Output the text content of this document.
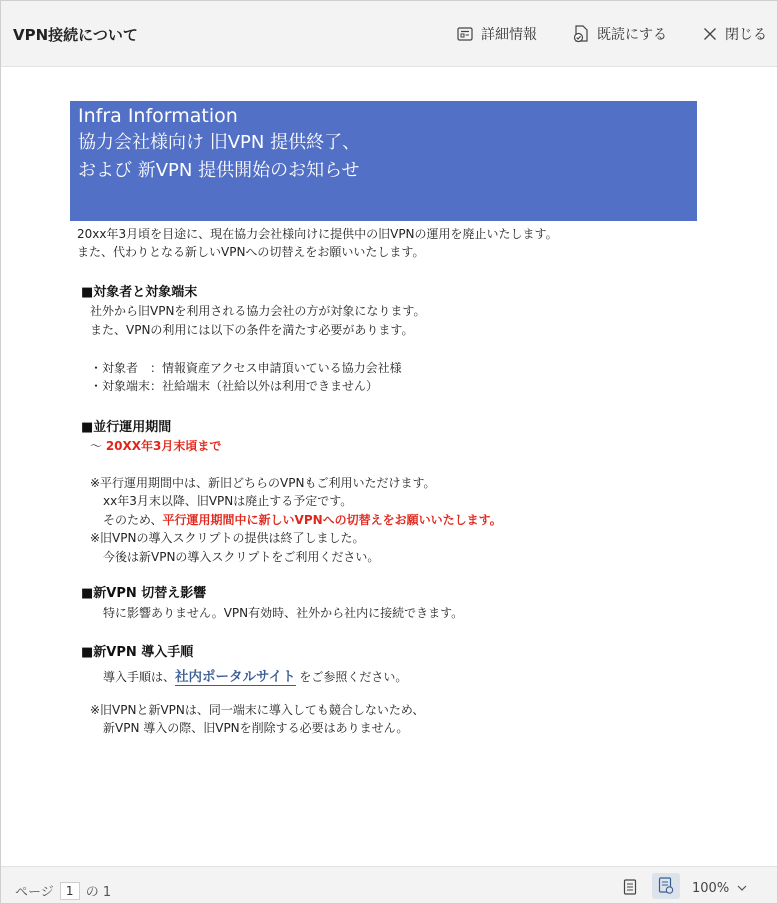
VPN接続について	詳細情報	既読にする	閉じる
Infra Information
協力会社様向け 旧VPN 提供終了、
および 新VPN 提供開始のお知らせ
20xx年3月頃を目途に、現在協力会社様向けに提供中の旧VPNの運用を廃止いたします。
また、代わりとなる新しいVPNへの切替えをお願いいたします。
■対象者と対象端末
社外から旧VPNを利用される協力会社の方が対象になります。
また、VPNの利用には以下の条件を満たす必要があります。
・対象者　：情報資産アクセス申請頂いている協力会社様
・対象端末：社給端末（社給以外は利用できません）
■並行運用期間
～ 20XX年3月末頃まで
※平行運用期間中は、新旧どちらのVPNもご利用いただけます。
xx年3月末以降、旧VPNは廃止する予定です。
そのため、平行運用期間中に新しいVPNへの切替えをお願いいたします。
※旧VPNの導入スクリプトの提供は終了しました。
今後は新VPNの導入スクリプトをご利用ください。
■新VPN 切替え影響
特に影響ありません。VPN有効時、社外から社内に接続できます。
■新VPN 導入手順
導入手順は、社内ポータルサイト をご参照ください。
※旧VPNと新VPNは、同一端末に導入しても競合しないため、
新VPN 導入の際、旧VPNを削除する必要はありません。
ページ	1 の 1	100%
